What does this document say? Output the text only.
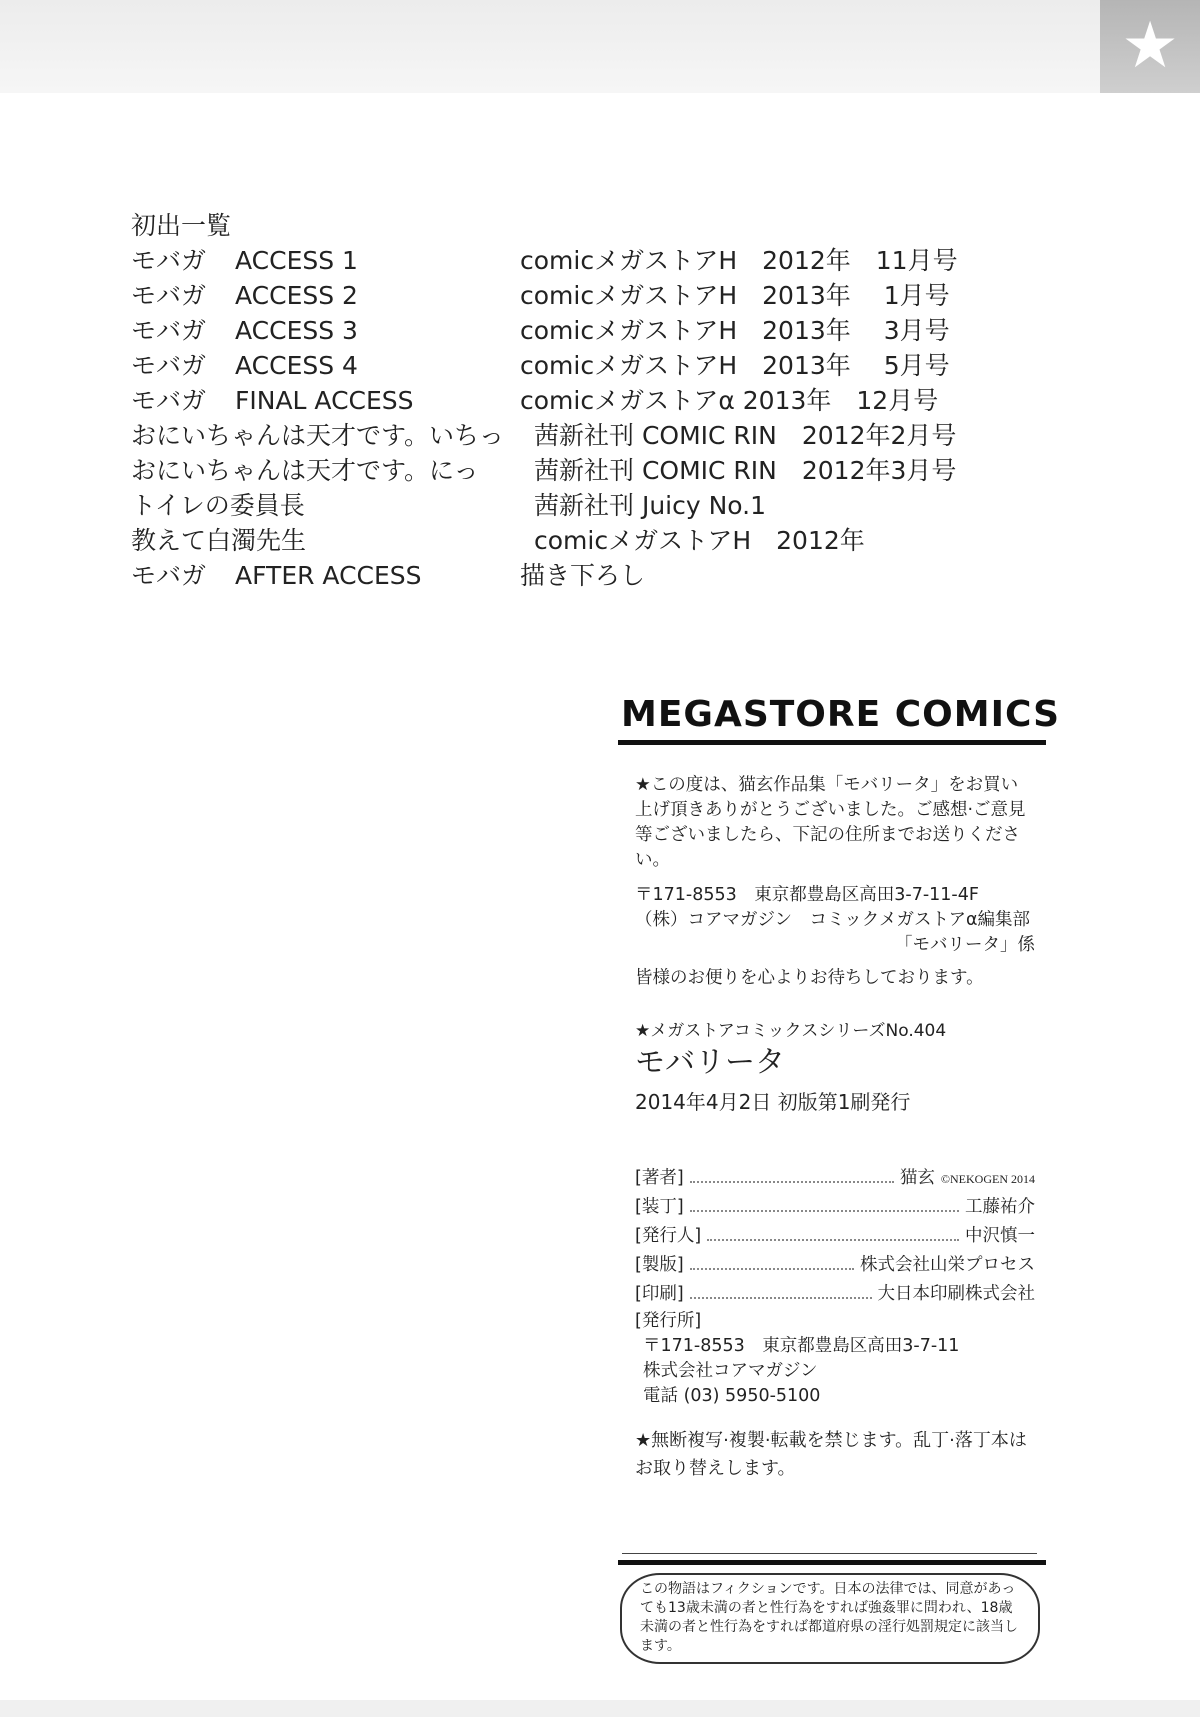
★
初出一覧
モバガ	ACCESS 1	comicメガストアH　2012年　11月号
モバガ	ACCESS 2	comicメガストアH　2013年　 1月号
モバガ	ACCESS 3	comicメガストアH　2013年　 3月号
モバガ	ACCESS 4	comicメガストアH　2013年　 5月号
モバガ	FINAL ACCESS	comicメガストアα 2013年　12月号
おにいちゃんは天才です。いちっ	茜新社刊 COMIC RIN　2012年2月号
おにいちゃんは天才です。にっ	茜新社刊 COMIC RIN　2012年3月号
トイレの委員長	茜新社刊 Juicy No.1
教えて白濁先生	comicメガストアH　2012年
モバガ	AFTER ACCESS	描き下ろし
MEGASTORE COMICS
★この度は、猫玄作品集「モバリータ」をお買い上げ頂きありがとうございました。ご感想·ご意見等ございましたら、下記の住所までお送りください。
〒171-8553　東京都豊島区高田3-7-11-4F
（株）コアマガジン　コミックメガストアα編集部
「モバリータ」係
皆様のお便りを心よりお待ちしております。
★メガストアコミックスシリーズNo.404
モバリータ
2014年4月2日 初版第1刷発行
[著者]	猫玄 ©NEKOGEN 2014
[装丁]	工藤祐介
[発行人]	中沢慎一
[製版]	株式会社山栄プロセス
[印刷]	大日本印刷株式会社
[発行所]
〒171-8553　東京都豊島区高田3-7-11
株式会社コアマガジン
電話 (03) 5950-5100
★無断複写·複製·転載を禁じます。乱丁·落丁本はお取り替えします。

この物語はフィクションです。日本の法律では、同意があっても13歳未満の者と性行為をすれば強姦罪に問われ、18歳未満の者と性行為をすれば都道府県の淫行処罰規定に該当します。
